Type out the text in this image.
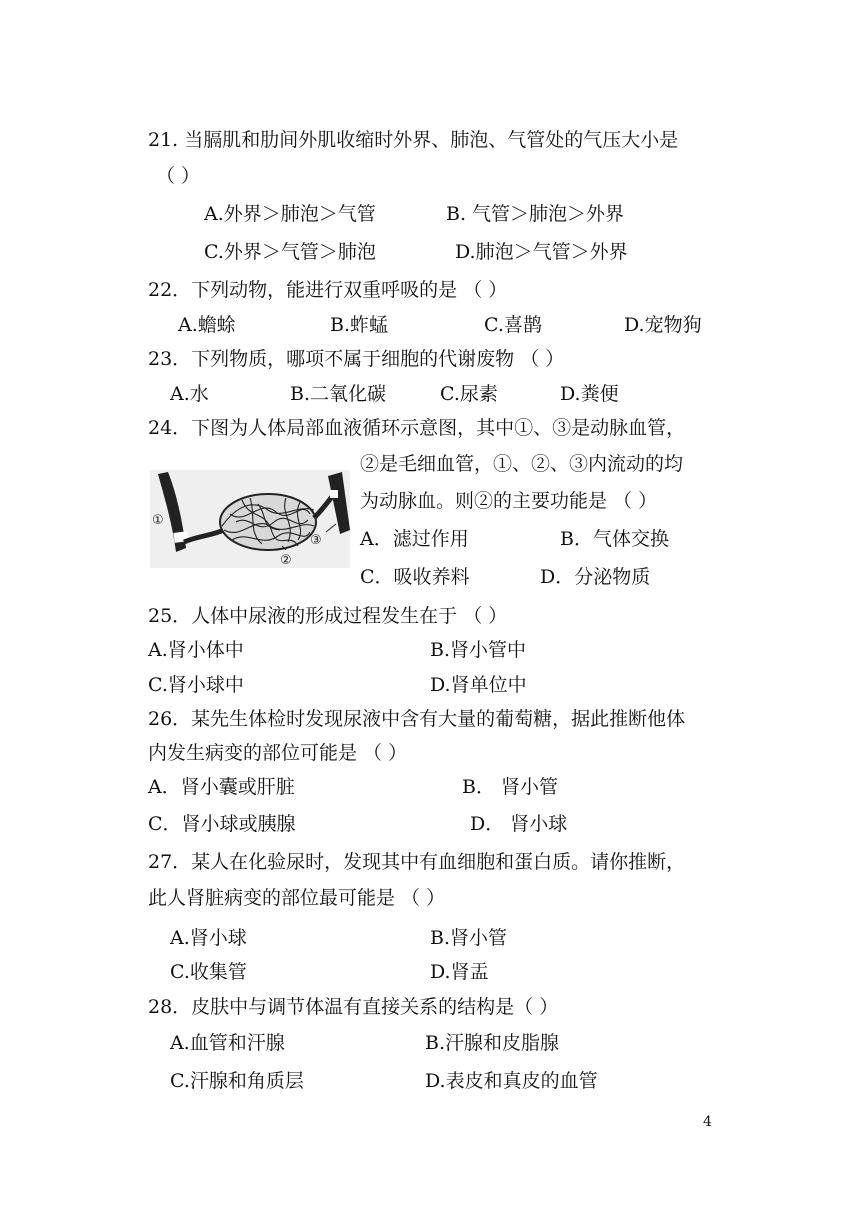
21. 当膈肌和肋间外肌收缩时外界、肺泡、气管处的气压大小是
（ ）
A.外界＞肺泡＞气管	B. 气管＞肺泡＞外界
C.外界＞气管＞肺泡	D.肺泡＞气管＞外界
22．下列动物，能进行双重呼吸的是 （ ）
A.蟾蜍	B.蚱蜢	C.喜鹊	D.宠物狗
23．下列物质，哪项不属于细胞的代谢废物 （ ）
A.水	B.二氧化碳	C.尿素	D.粪便
24．下图为人体局部血液循环示意图，其中①、③是动脉血管，
②是毛细血管，①、②、③内流动的均
为动脉血。则②的主要功能是 （ ）
A．滤过作用	B．气体交换
C．吸收养料	D．分泌物质
①
②
③
25．人体中尿液的形成过程发生在于 （ ）
A.肾小体中	B.肾小管中
C.肾小球中	D.肾单位中
26．某先生体检时发现尿液中含有大量的葡萄糖，据此推断他体
内发生病变的部位可能是 （ ）
A．肾小囊或肝脏	B． 肾小管
C．肾小球或胰腺	D． 肾小球
27．某人在化验尿时，发现其中有血细胞和蛋白质。请你推断，
此人肾脏病变的部位最可能是 （ ）
A.肾小球	B.肾小管
C.收集管	D.肾盂
28．皮肤中与调节体温有直接关系的结构是（ ）
A.血管和汗腺	B.汗腺和皮脂腺
C.汗腺和角质层	D.表皮和真皮的血管
4
